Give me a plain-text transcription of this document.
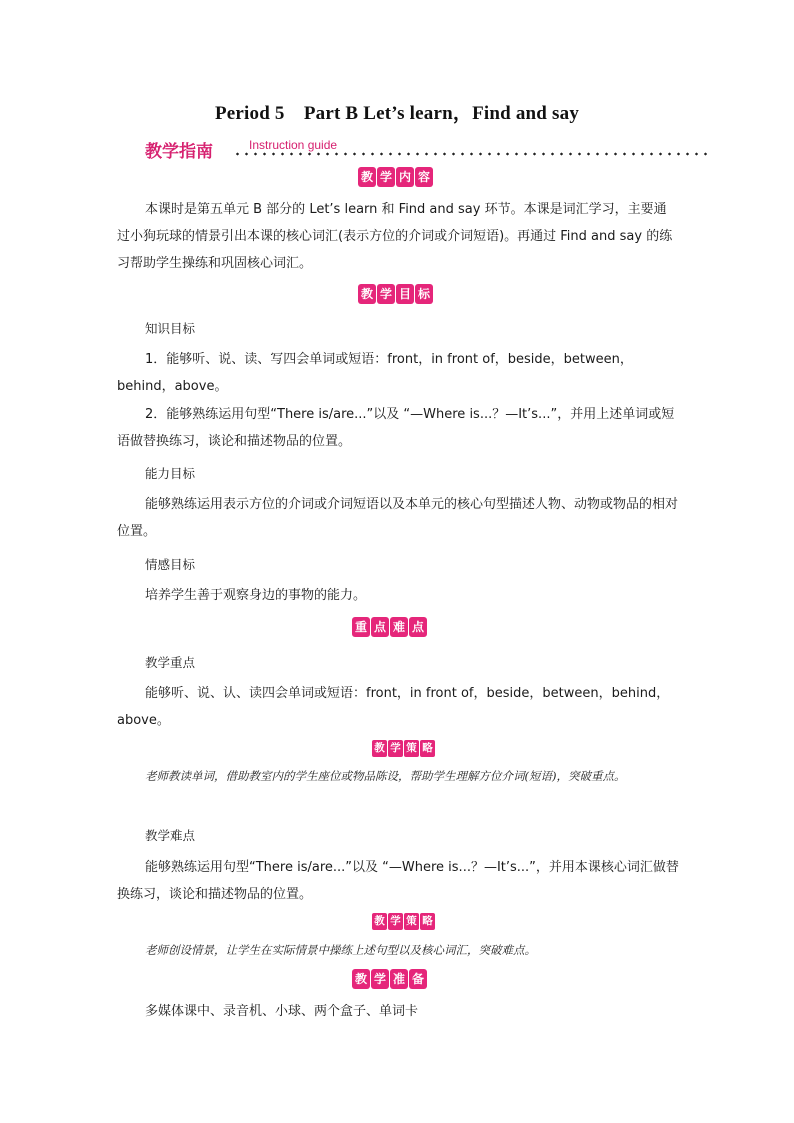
Period 5　Part B Let’s learn，Find and say
教学指南	Instruction guide
教 学 内 容
本课时是第五单元 B 部分的 Let’s learn 和 Find and say 环节。本课是词汇学习，主要通过小狗玩球的情景引出本课的核心词汇(表示方位的介词或介词短语)。再通过 Find and say 的练习帮助学生操练和巩固核心词汇。
教 学 目 标
知识目标
1．能够听、说、读、写四会单词或短语：front，in front of，beside，between，behind，above。
2．能够熟练运用句型“There is/are...”以及 “—Where is...？—It’s...”，并用上述单词或短语做替换练习，谈论和描述物品的位置。
能力目标
能够熟练运用表示方位的介词或介词短语以及本单元的核心句型描述人物、动物或物品的相对位置。
情感目标
培养学生善于观察身边的事物的能力。
重 点 难 点
教学重点
能够听、说、认、读四会单词或短语：front，in front of，beside，between，behind，above。
教 学 策 略
老师教读单词，借助教室内的学生座位或物品陈设，帮助学生理解方位介词(短语)，突破重点。
教学难点
能够熟练运用句型“There is/are...”以及 “—Where is...？—It’s...”，并用本课核心词汇做替换练习，谈论和描述物品的位置。
教 学 策 略
老师创设情景，让学生在实际情景中操练上述句型以及核心词汇，突破难点。
教 学 准 备
多媒体课中、录音机、小球、两个盒子、单词卡
